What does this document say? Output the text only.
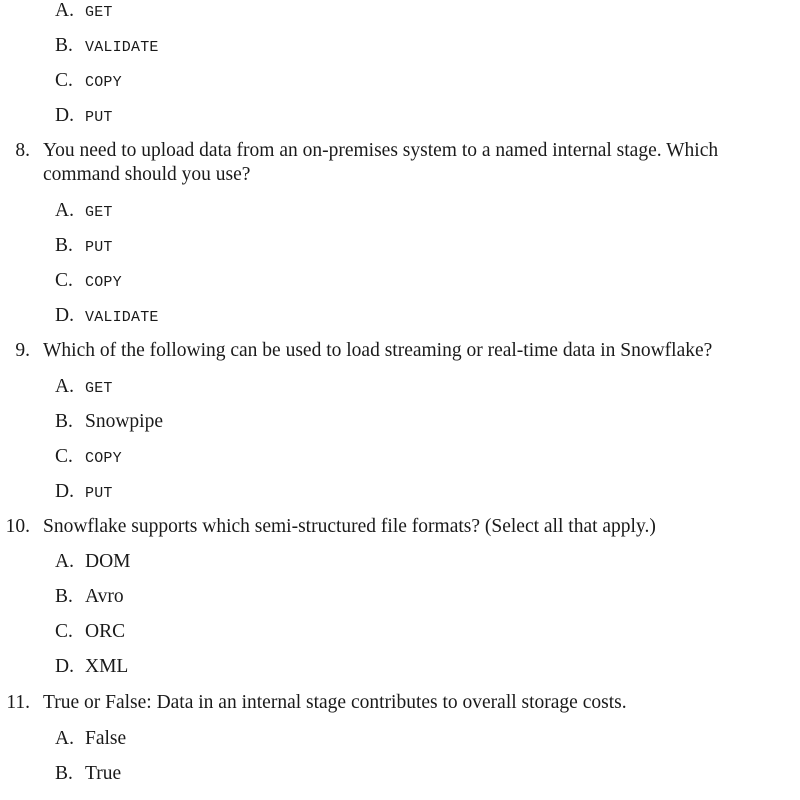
A. GET
B. VALIDATE
C. COPY
D. PUT
8. You need to upload data from an on-premises system to a named internal stage. Which
command should you use?
A. GET
B. PUT
C. COPY
D. VALIDATE
9. Which of the following can be used to load streaming or real-time data in Snowflake?
A. GET
B. Snowpipe
C. COPY
D. PUT
10. Snowflake supports which semi-structured file formats? (Select all that apply.)
A. DOM
B. Avro
C. ORC
D. XML
11. True or False: Data in an internal stage contributes to overall storage costs.
A. False
B. True
